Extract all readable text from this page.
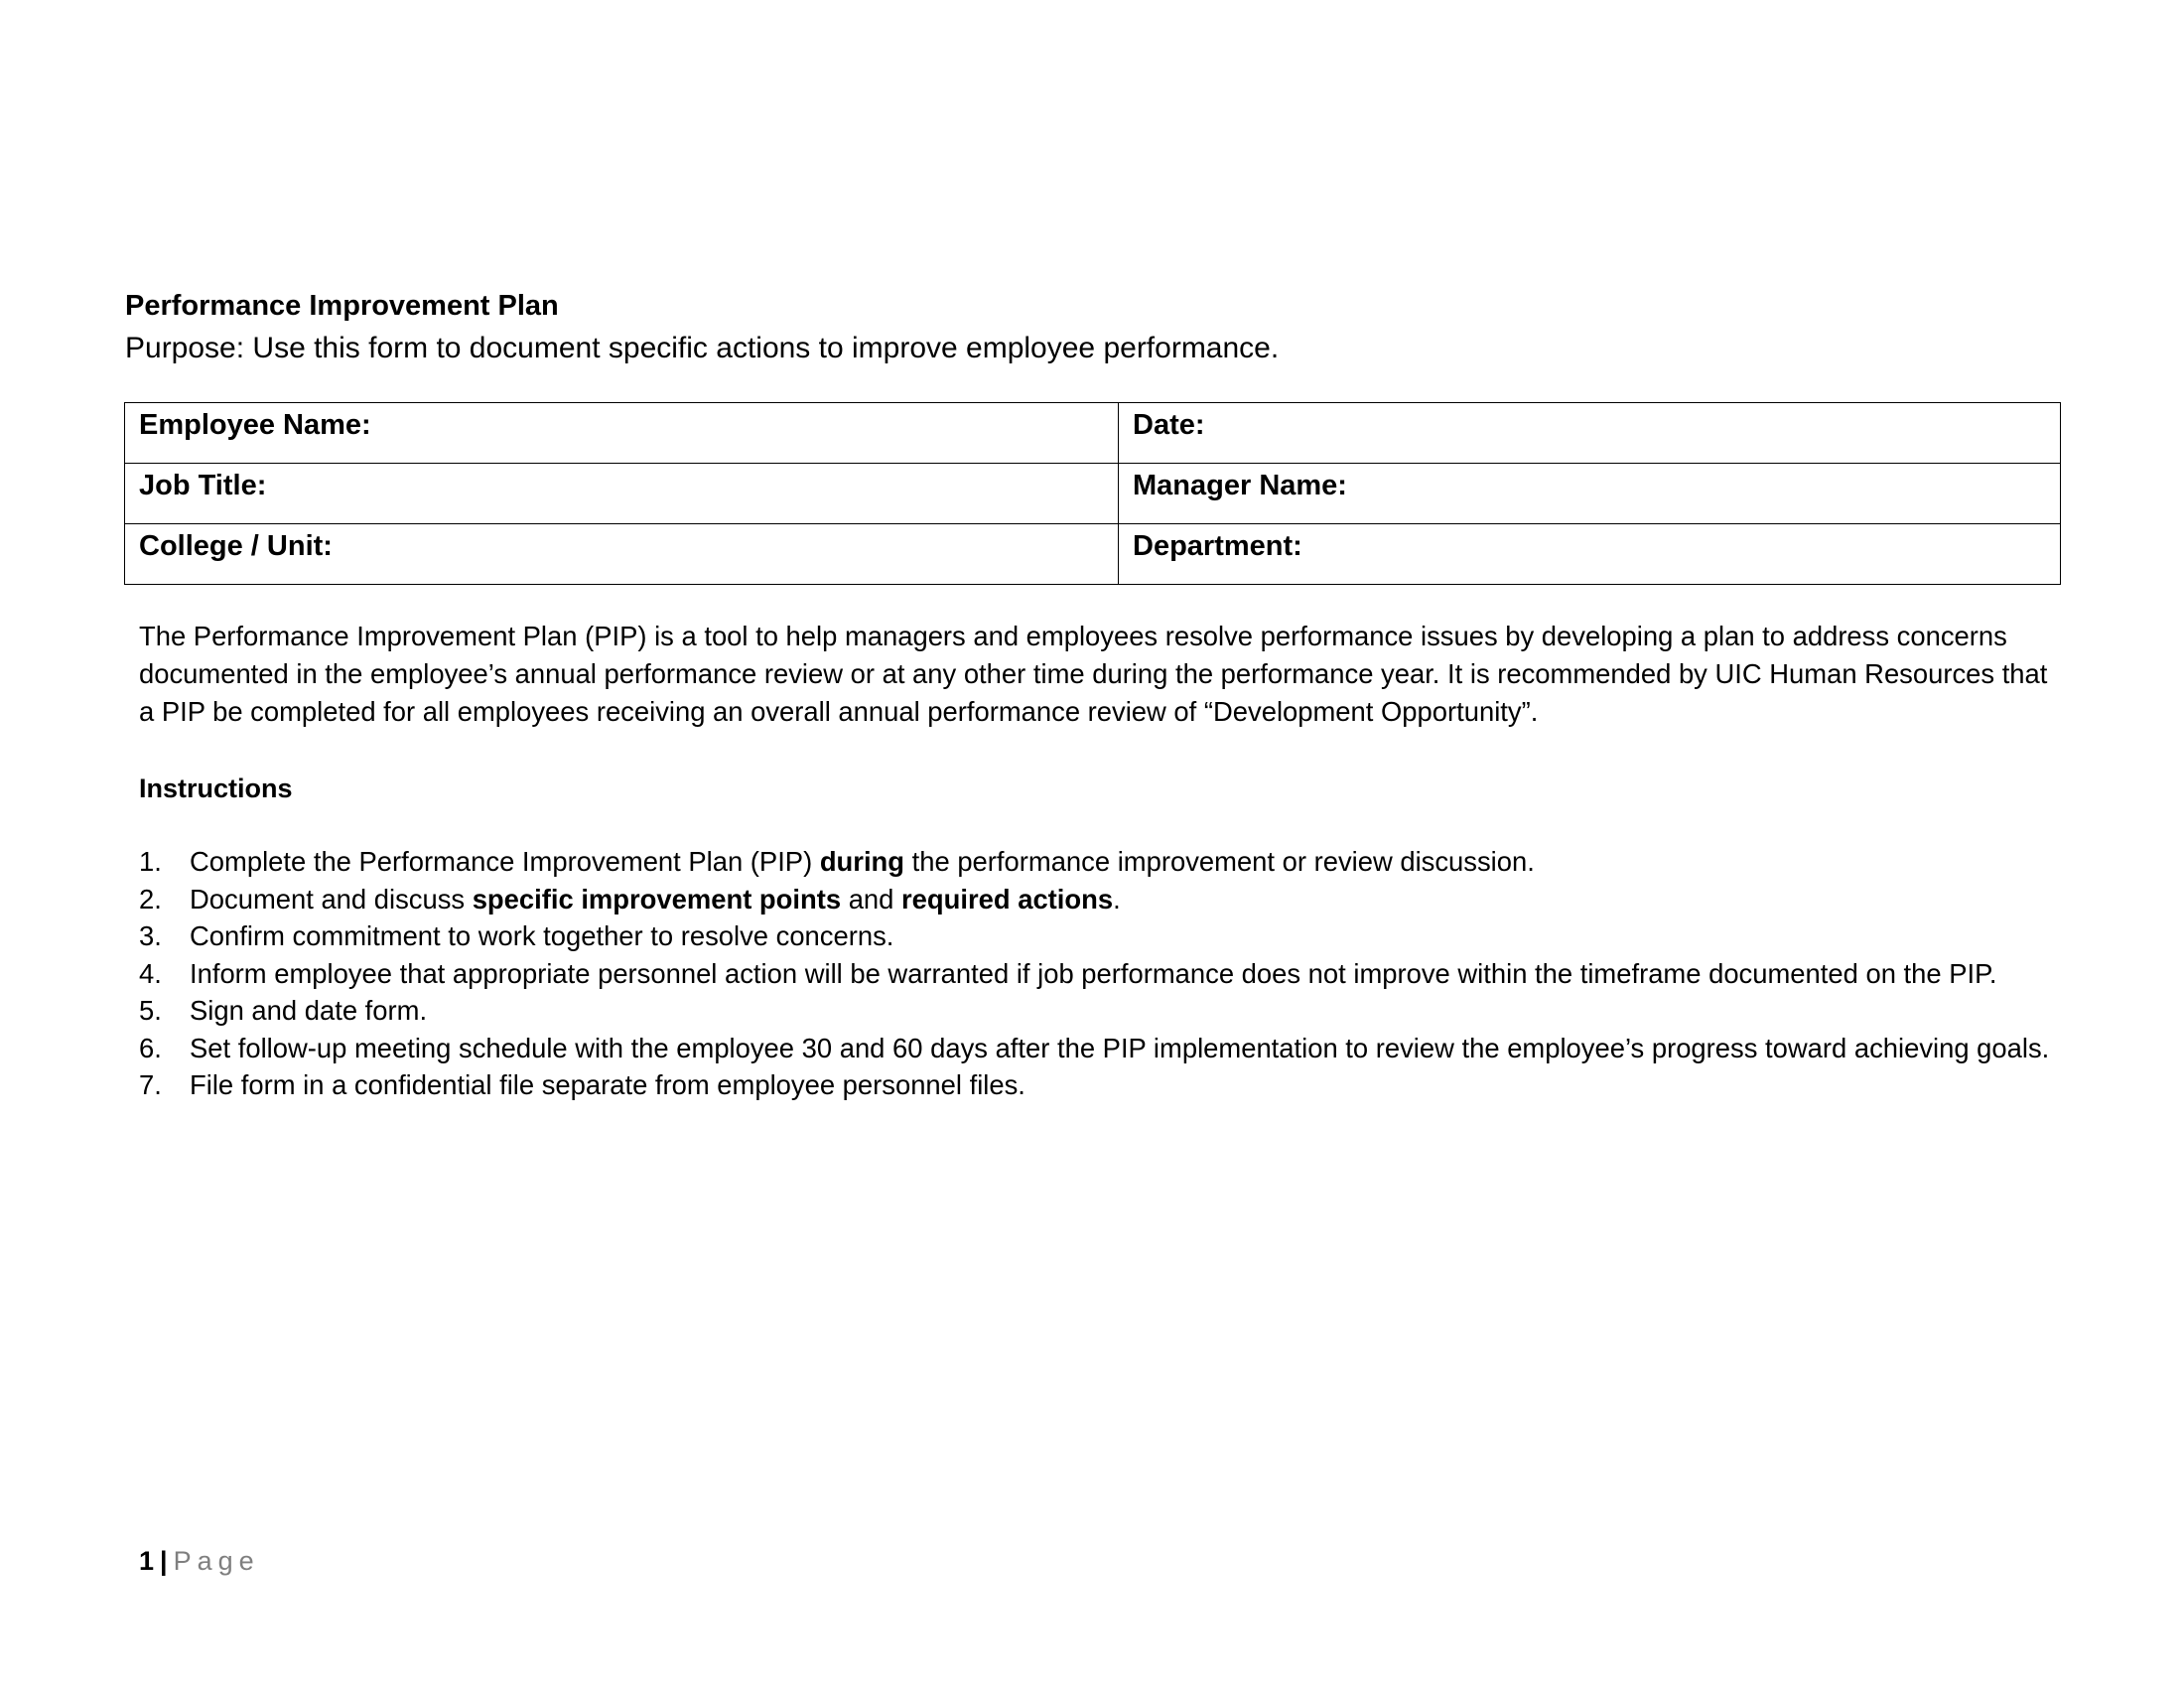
Performance Improvement Plan
Purpose: Use this form to document specific actions to improve employee performance.
Employee Name:	Date:
Job Title:	Manager Name:
College / Unit:	Department:

The Performance Improvement Plan (PIP) is a tool to help managers and employees resolve performance issues by developing a plan to address concerns documented in the employee’s annual performance review or at any other time during the performance year. It is recommended by UIC Human Resources that a PIP be completed for all employees receiving an overall annual performance review of “Development Opportunity”.

Instructions
1. Complete the Performance Improvement Plan (PIP) during the performance improvement or review discussion.
2. Document and discuss specific improvement points and required actions.
3. Confirm commitment to work together to resolve concerns.
4. Inform employee that appropriate personnel action will be warranted if job performance does not improve within the timeframe documented on the PIP.
5. Sign and date form.
6. Set follow-up meeting schedule with the employee 30 and 60 days after the PIP implementation to review the employee’s progress toward achieving goals.
7. File form in a confidential file separate from employee personnel files.
1 | Page
